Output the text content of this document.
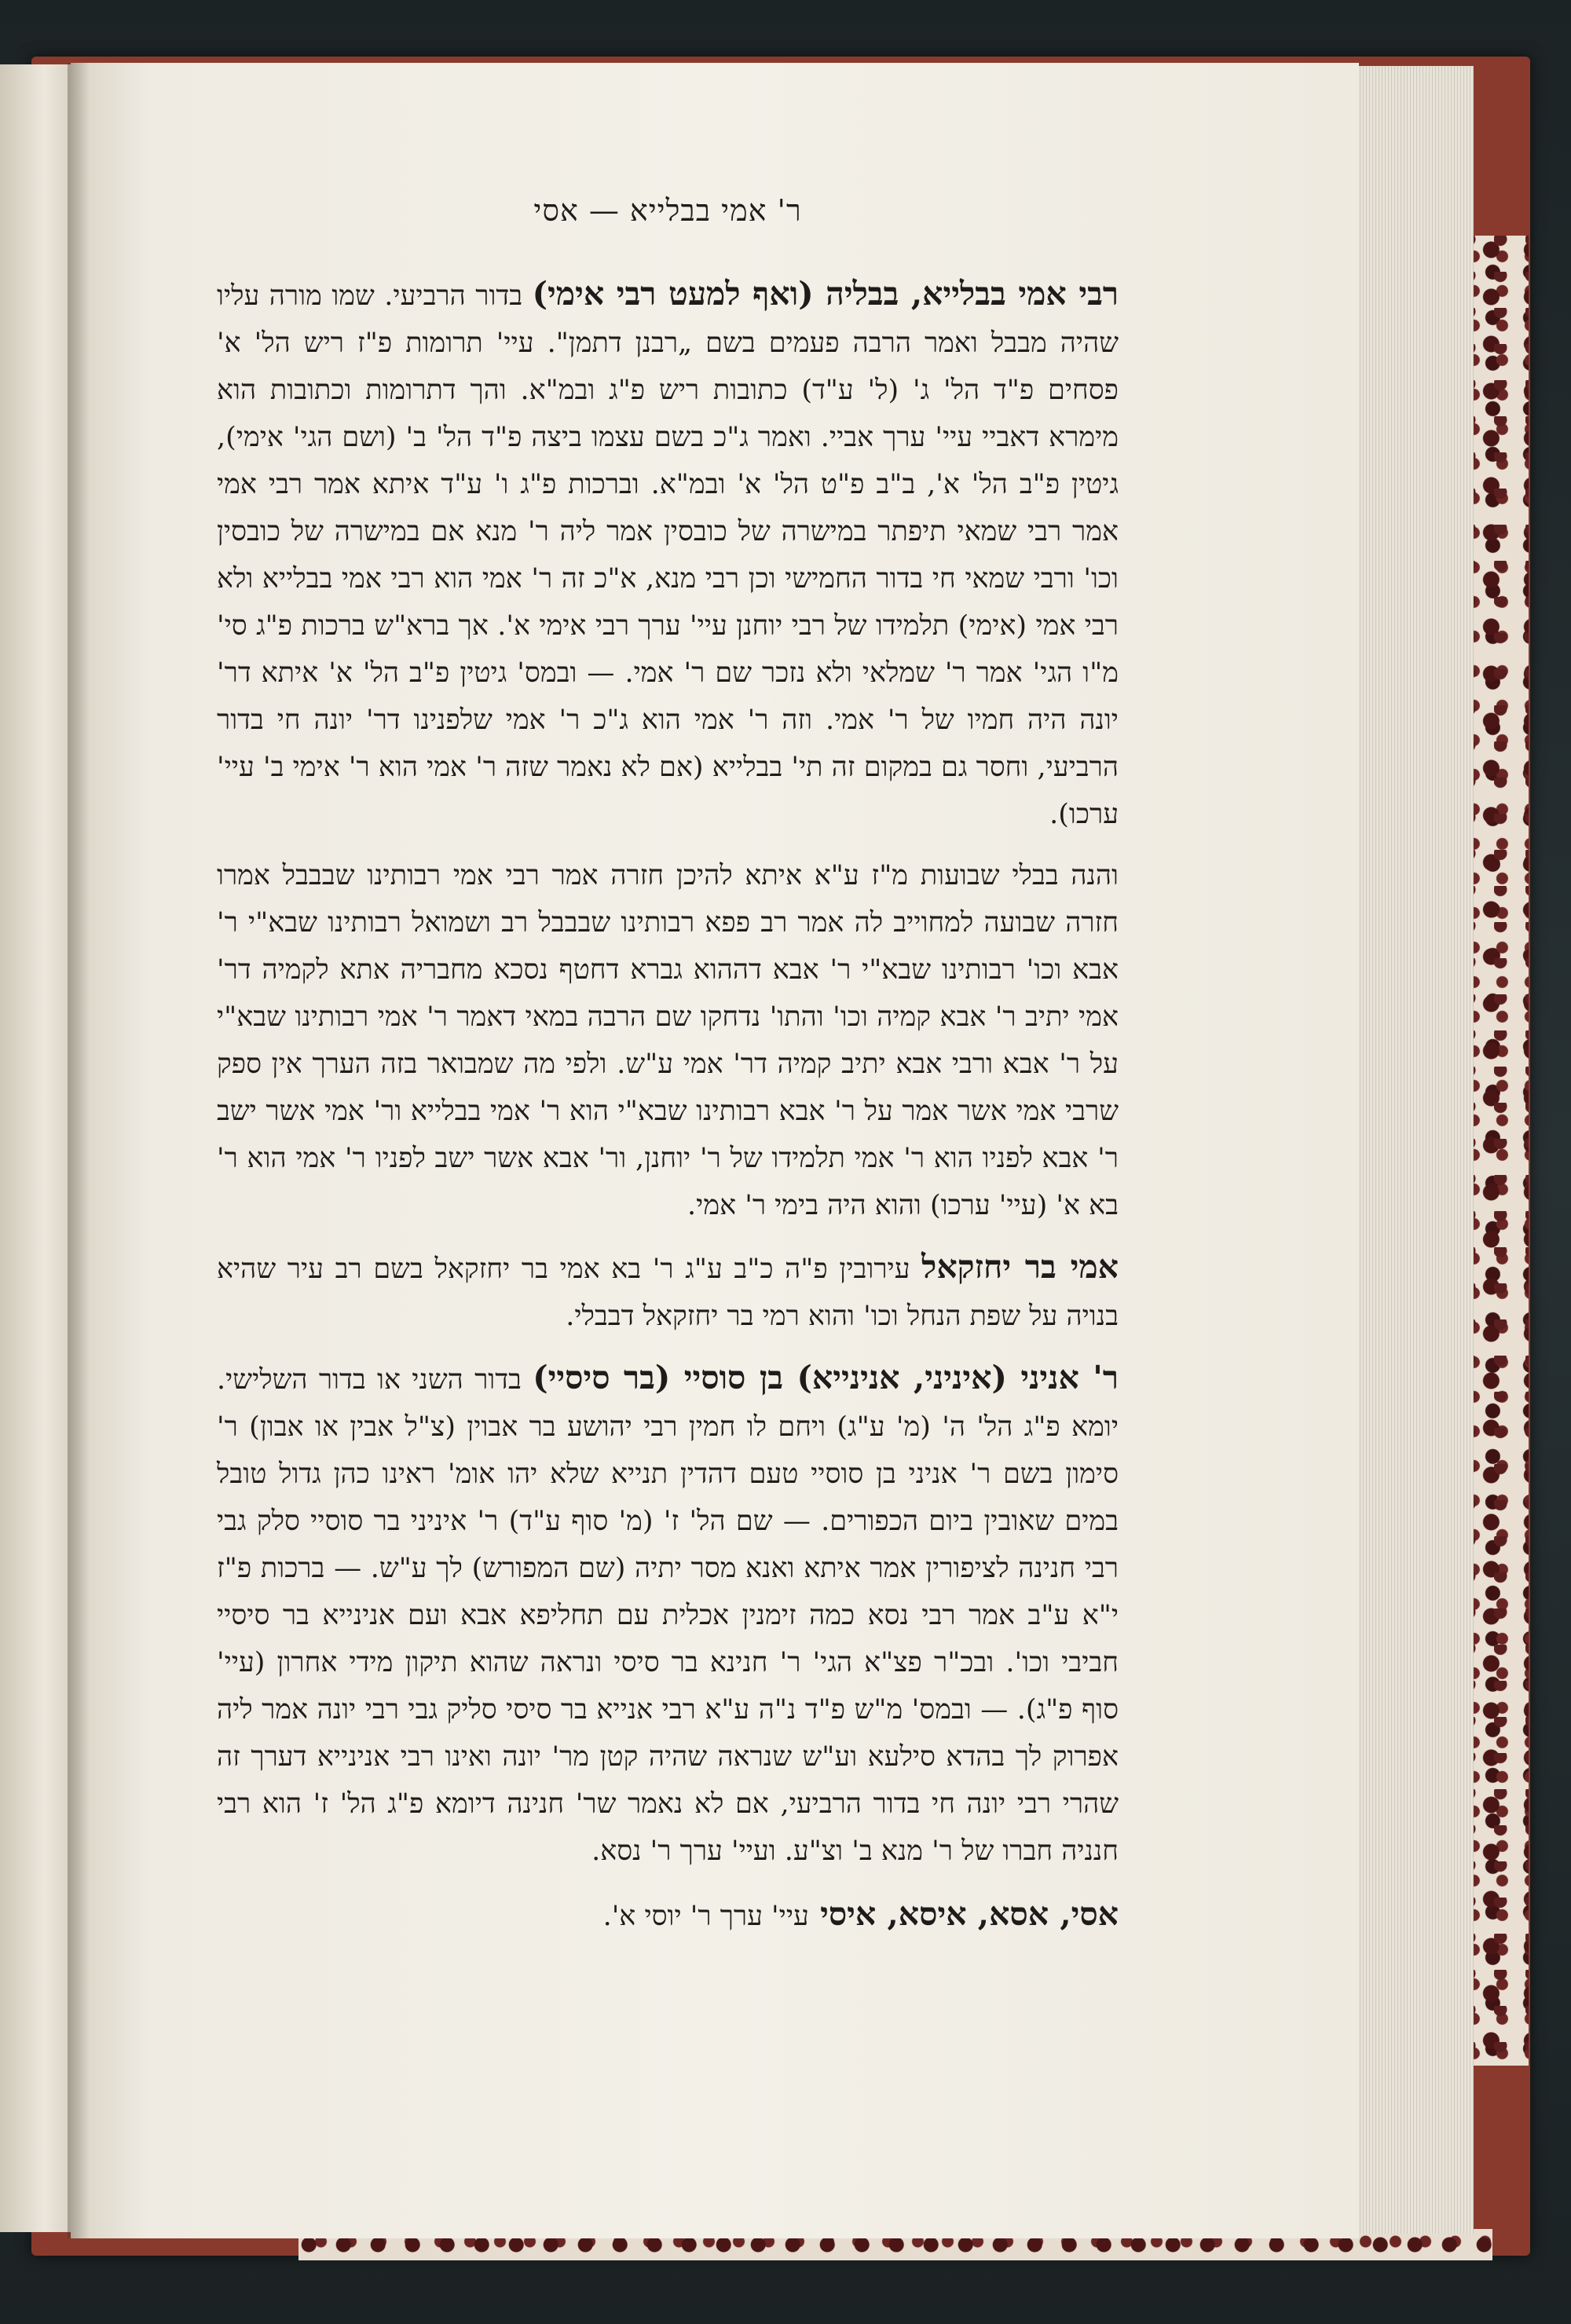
ר' אמי בבלייא — אסי

רבי אמי בבלייא, בבליה (ואף למעט רבי אימי) בדור הרביעי. שמו מורה עליו שהיה מבבל ואמר הרבה פעמים בשם „רבנן דתמן". עיי' תרומות פ"ז ריש הל' א' פסחים פ"ד הל' ג' (ל' ע"ד) כתובות ריש פ"ג ובמ"א. והך דתרומות וכתובות הוא מימרא דאביי עיי' ערך אביי. ואמר ג"כ בשם עצמו ביצה פ"ד הל' ב' (ושם הגי' אימי), גיטין פ"ב הל' א', ב"ב פ"ט הל' א' ובמ"א. וברכות פ"ג ו' ע"ד איתא אמר רבי אמי אמר רבי שמאי תיפתר במישרה של כובסין אמר ליה ר' מנא אם במישרה של כובסין וכו' ורבי שמאי חי בדור החמישי וכן רבי מנא, א"כ זה ר' אמי הוא רבי אמי בבלייא ולא רבי אמי (אימי) תלמידו של רבי יוחנן עיי' ערך רבי אימי א'. אך ברא"ש ברכות פ"ג סי' מ"ו הגי' אמר ר' שמלאי ולא נזכר שם ר' אמי. — ובמס' גיטין פ"ב הל' א' איתא דר' יונה היה חמיו של ר' אמי. וזה ר' אמי הוא ג"כ ר' אמי שלפנינו דר' יונה חי בדור הרביעי, וחסר גם במקום זה תי' בבלייא (אם לא נאמר שזה ר' אמי הוא ר' אימי ב' עיי' ערכו).

והנה בבלי שבועות מ"ז ע"א איתא להיכן חזרה אמר רבי אמי רבותינו שבבבל אמרו חזרה שבועה למחוייב לה אמר רב פפא רבותינו שבבבל רב ושמואל רבותינו שבא"י ר' אבא וכו' רבותינו שבא"י ר' אבא דההוא גברא דחטף נסכא מחבריה אתא לקמיה דר' אמי יתיב ר' אבא קמיה וכו' והתו' נדחקו שם הרבה במאי דאמר ר' אמי רבותינו שבא"י על ר' אבא ורבי אבא יתיב קמיה דר' אמי ע"ש. ולפי מה שמבואר בזה הערך אין ספק שרבי אמי אשר אמר על ר' אבא רבותינו שבא"י הוא ר' אמי בבלייא ור' אמי אשר ישב ר' אבא לפניו הוא ר' אמי תלמידו של ר' יוחנן, ור' אבא אשר ישב לפניו ר' אמי הוא ר' בא א' (עיי' ערכו) והוא היה בימי ר' אמי.

אמי בר יחזקאל עירובין פ"ה כ"ב ע"ג ר' בא אמי בר יחזקאל בשם רב עיר שהיא בנויה על שפת הנחל וכו' והוא רמי בר יחזקאל דבבלי.

ר' אניני (איניני, אנינייא) בן סוסיי (בר סיסיי) בדור השני או בדור השלישי. יומא פ"ג הל' ה' (מ' ע"ג) ויחם לו חמין רבי יהושע בר אבוין (צ"ל אבין או אבון) ר' סימון בשם ר' אניני בן סוסיי טעם דהדין תנייא שלא יהו אומ' ראינו כהן גדול טובל במים שאובין ביום הכפורים. — שם הל' ז' (מ' סוף ע"ד) ר' איניני בר סוסיי סלק גבי רבי חנינה לציפורין אמר איתא ואנא מסר יתיה (שם המפורש) לך ע"ש. — ברכות פ"ז י"א ע"ב אמר רבי נסא כמה זימנין אכלית עם תחליפא אבא ועם אנינייא בר סיסיי חביבי וכו'. ובכ"ר פצ"א הגי' ר' חנינא בר סיסי ונראה שהוא תיקון מידי אחרון (עיי' סוף פ"ג). — ובמס' מ"ש פ"ד נ"ה ע"א רבי אנייא בר סיסי סליק גבי רבי יונה אמר ליה אפרוק לך בהדא סילעא וע"ש שנראה שהיה קטן מר' יונה ואינו רבי אנינייא דערך זה שהרי רבי יונה חי בדור הרביעי, אם לא נאמר שר' חנינה דיומא פ"ג הל' ז' הוא רבי חנניה חברו של ר' מנא ב' וצ"ע. ועיי' ערך ר' נסא.

אסי, אסא, איסא, איסי עיי' ערך ר' יוסי א'.
